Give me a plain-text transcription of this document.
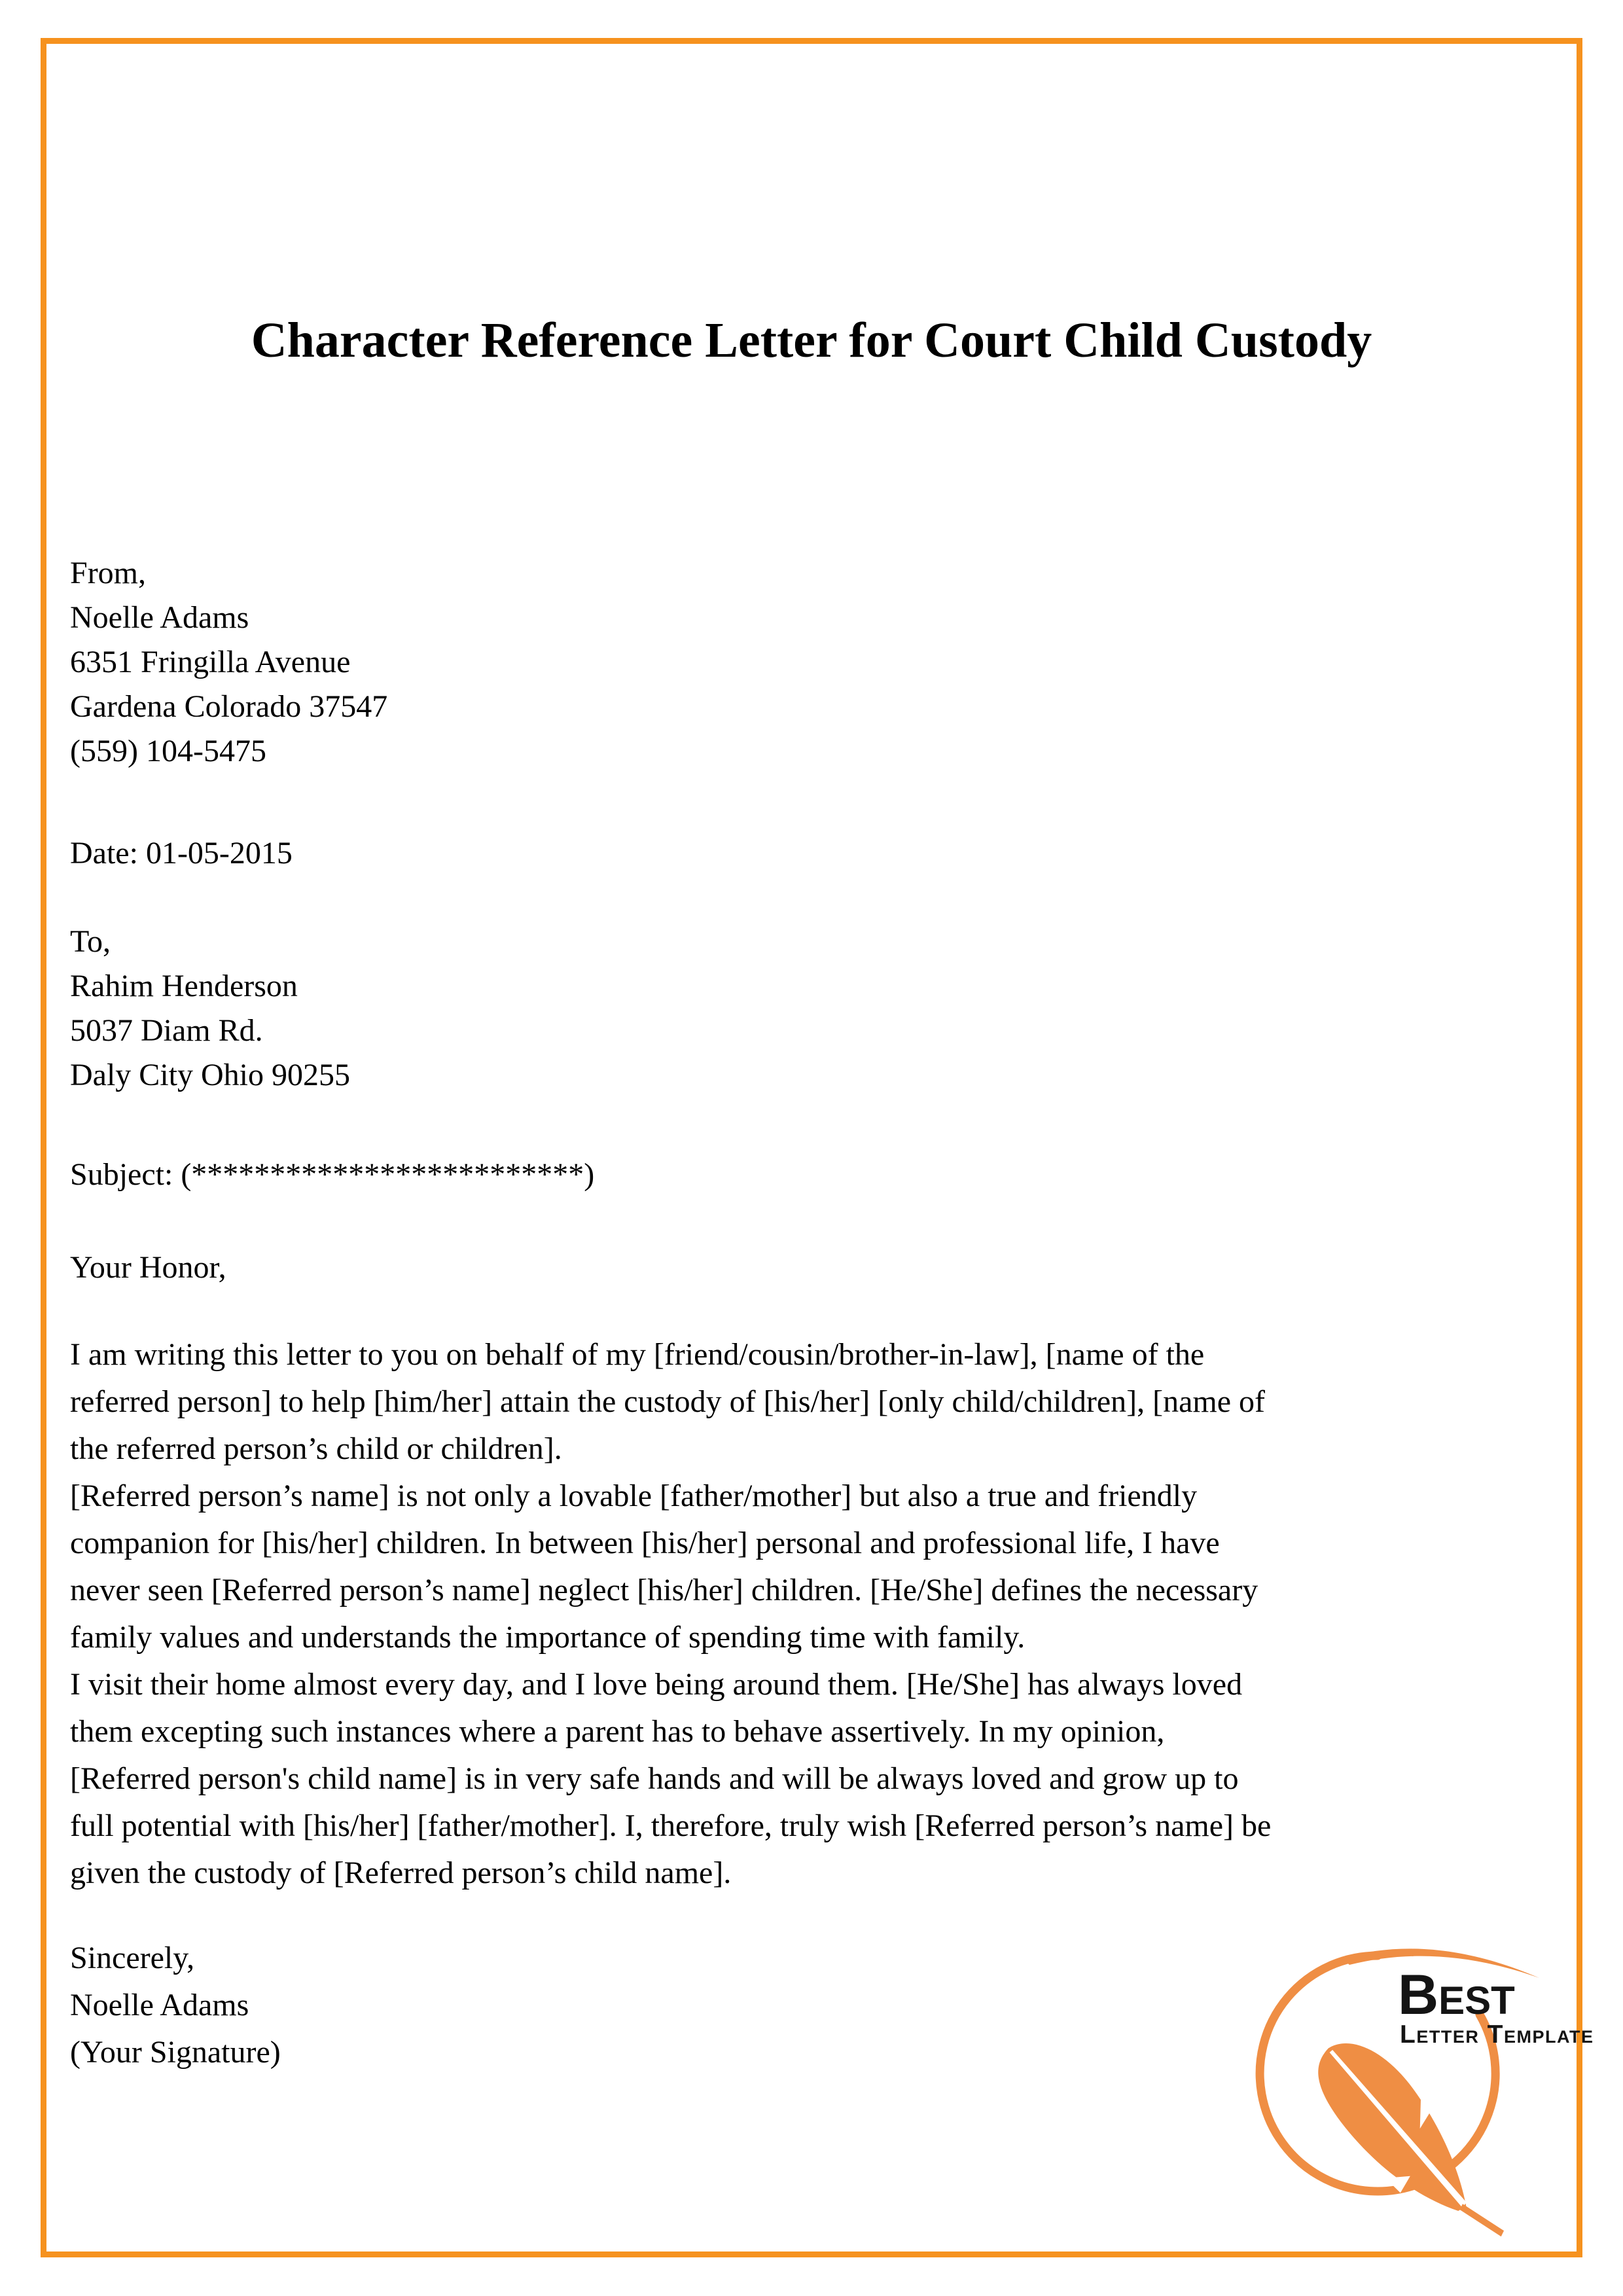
Character Reference Letter for Court Child Custody
From,
Noelle Adams
6351 Fringilla Avenue
Gardena Colorado 37547
(559) 104-5475
Date: 01-05-2015
To,
Rahim Henderson
5037 Diam Rd.
Daly City Ohio 90255
Subject: (*************************)
Your Honor,
I am writing this letter to you on behalf of my [friend/cousin/brother-in-law], [name of the
referred person] to help [him/her] attain the custody of [his/her] [only child/children], [name of
the referred person’s child or children].
[Referred person’s name] is not only a lovable [father/mother] but also a true and friendly
companion for [his/her] children. In between [his/her] personal and professional life, I have
never seen [Referred person’s name] neglect [his/her] children. [He/She] defines the necessary
family values and understands the importance of spending time with family.
I visit their home almost every day, and I love being around them. [He/She] has always loved
them excepting such instances where a parent has to behave assertively. In my opinion,
[Referred person's child name] is in very safe hands and will be always loved and grow up to
full potential with [his/her] [father/mother]. I, therefore, truly wish [Referred person’s name] be
given the custody of [Referred person’s child name].
Sincerely,
Noelle Adams
(Your Signature)
Best
Letter Template
